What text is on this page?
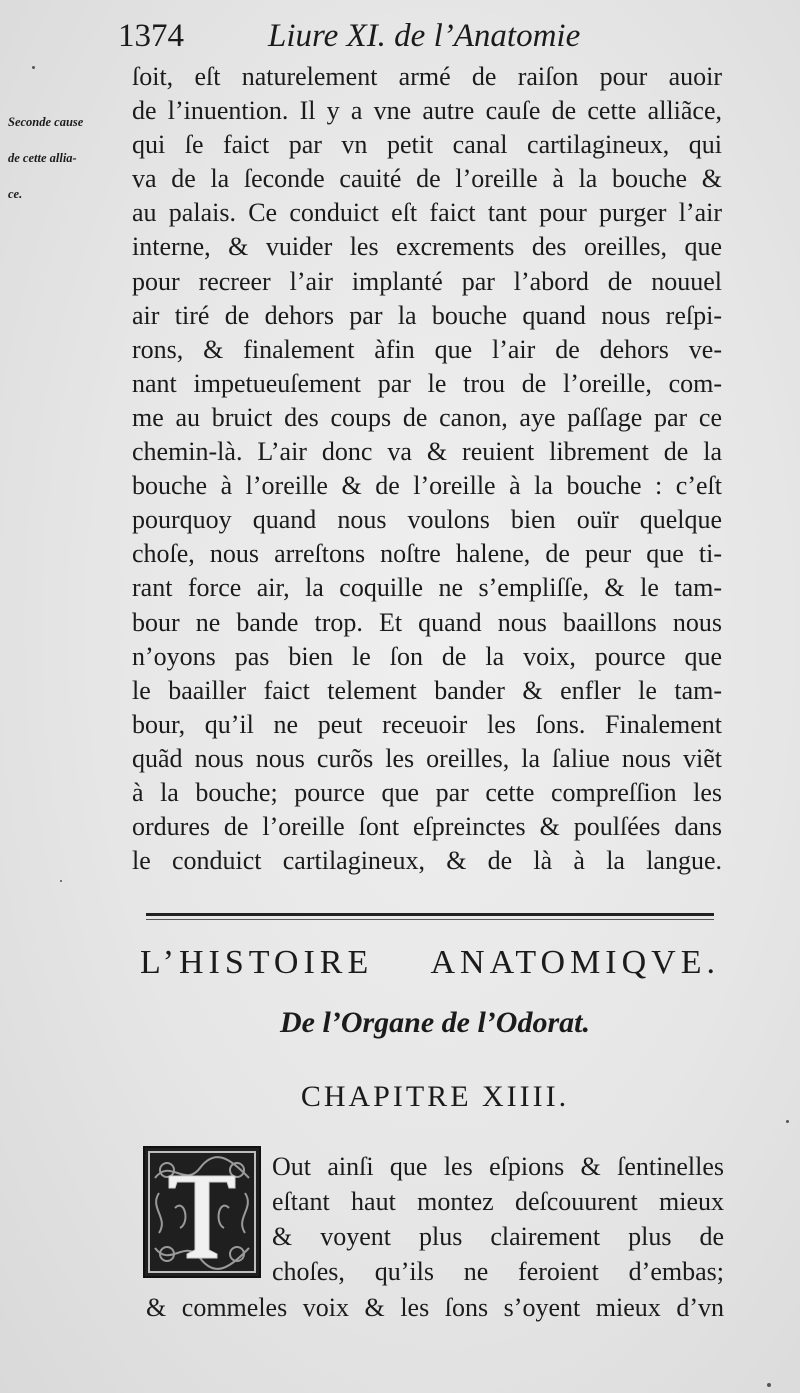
1374	Liure XI. de l’Anatomie
Seconde cause
de cette allia-
ce.
ſoit, eſt naturelement armé de raiſon pour auoir
de l’inuention. Il y a vne autre cauſe de cette alliãce,
qui ſe faict par vn petit canal cartilagineux, qui
va de la ſeconde cauité de l’oreille à la bouche &
au palais. Ce conduict eſt faict tant pour purger l’air
interne, & vuider les excrements des oreilles, que
pour recreer l’air implanté par l’abord de nouuel
air tiré de dehors par la bouche quand nous reſpi-
rons, & finalement àfin que l’air de dehors ve-
nant impetueuſement par le trou de l’oreille, com-
me au bruict des coups de canon, aye paſſage par ce
chemin-là. L’air donc va & reuient librement de la
bouche à l’oreille & de l’oreille à la bouche : c’eſt
pourquoy quand nous voulons bien ouïr quelque
choſe, nous arreſtons noſtre halene, de peur que ti-
rant force air, la coquille ne s’empliſſe, & le tam-
bour ne bande trop. Et quand nous baaillons nous
n’oyons pas bien le ſon de la voix, pource que
le baailler faict telement bander & enfler le tam-
bour, qu’il ne peut receuoir les ſons. Finalement
quãd nous nous curõs les oreilles, la ſaliue nous viẽt
à la bouche; pource que par cette compreſſion les
ordures de l’oreille ſont eſpreinctes & poulſées dans
le conduict cartilagineux, & de là à la langue.
L’HISTOIRE ANATOMIQVE.
De l’Organe de l’Odorat.
CHAPITRE XIIII.
T
Out ainſi que les eſpions & ſentinelles
eſtant haut montez deſcouurent mieux
& voyent plus clairement plus de
choſes, qu’ils ne feroient d’embas;
& commeles voix & les ſons s’oyent mieux d’vn
